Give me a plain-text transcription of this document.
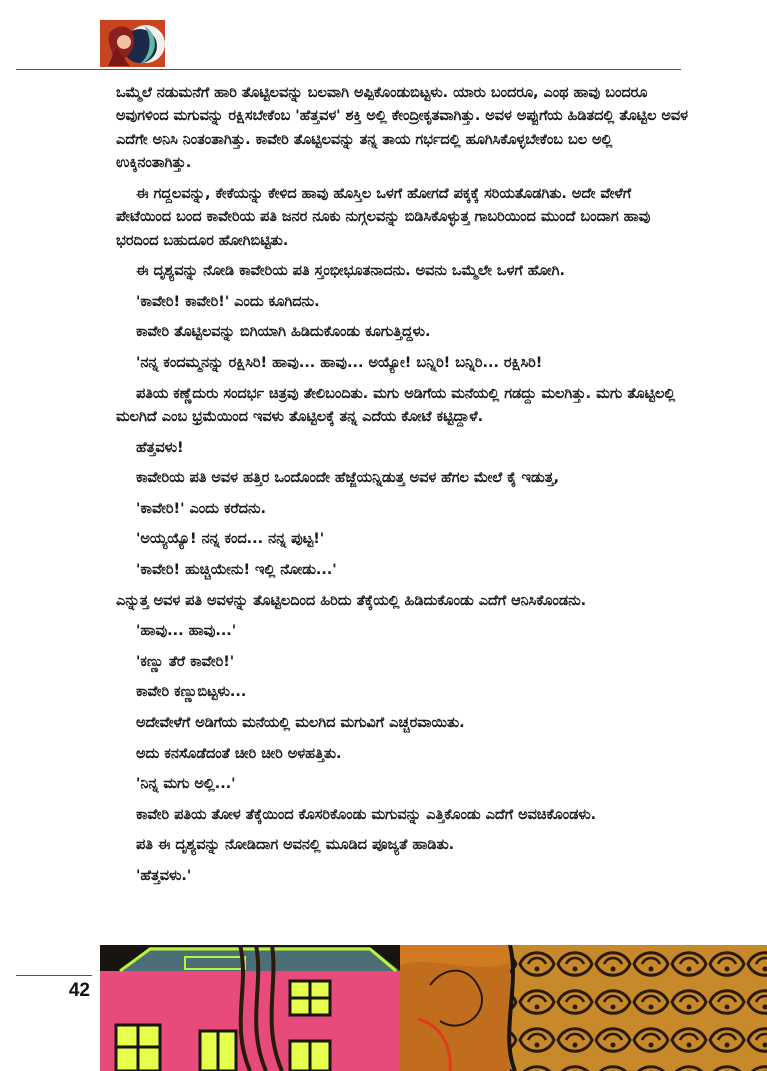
ಒಮ್ಮೆಲೆ ನಡುಮನೆಗೆ ಹಾರಿ ತೊಟ್ಟಿಲವನ್ನು ಬಲವಾಗಿ ಅಪ್ಪಿಕೊಂಡುಬಿಟ್ಟಳು. ಯಾರು ಬಂದರೂ, ಎಂಥ ಹಾವು ಬಂದರೂ ಅವುಗಳಿಂದ ಮಗುವನ್ನು ರಕ್ಷಿಸಬೇಕೆಂಬ 'ಹೆತ್ತವಳ' ಶಕ್ತಿ ಅಲ್ಲಿ ಕೇಂದ್ರೀಕೃತವಾಗಿತ್ತು. ಅವಳ ಅಪ್ಪುಗೆಯ ಹಿಡಿತದಲ್ಲಿ ತೊಟ್ಟಿಲ ಅವಳ ಎದೆಗೇ ಅನಿಸಿ ನಿಂತಂತಾಗಿತ್ತು. ಕಾವೇರಿ ತೊಟ್ಟಿಲವನ್ನು ತನ್ನ ತಾಯ ಗರ್ಭದಲ್ಲಿ ಹೂಗಿಸಿಕೊಳ್ಳಬೇಕೆಂಬ ಬಲ ಅಲ್ಲಿ ಉಕ್ಕಿನಂತಾಗಿತ್ತು.

ಈ ಗದ್ದಲವನ್ನು, ಕೇಕೆಯನ್ನು ಕೇಳಿದ ಹಾವು ಹೊಸ್ತಿಲ ಒಳಗೆ ಹೋಗದೆ ಪಕ್ಕಕ್ಕೆ ಸರಿಯತೊಡಗಿತು. ಅದೇ ವೇಳೆಗೆ ಪೇಟೆಯಿಂದ ಬಂದ ಕಾವೇರಿಯ ಪತಿ ಜನರ ನೂಕು ನುಗ್ಗಲವನ್ನು ಬಿಡಿಸಿಕೊಳ್ಳುತ್ತ ಗಾಬರಿಯಿಂದ ಮುಂದೆ ಬಂದಾಗ ಹಾವು ಭರದಿಂದ ಬಹುದೂರ ಹೋಗಿಬಿಟ್ಟಿತು.

ಈ ದೃಶ್ಯವನ್ನು ನೋಡಿ ಕಾವೇರಿಯ ಪತಿ ಸ್ತಂಭೀಭೂತನಾದನು. ಅವನು ಒಮ್ಮೆಲೇ ಒಳಗೆ ಹೋಗಿ.

'ಕಾವೇರಿ! ಕಾವೇರಿ!' ಎಂದು ಕೂಗಿದನು.

ಕಾವೇರಿ ತೊಟ್ಟಿಲವನ್ನು ಬಿಗಿಯಾಗಿ ಹಿಡಿದುಕೊಂಡು ಕೂಗುತ್ತಿದ್ದಳು.

'ನನ್ನ ಕಂದಮ್ಮನನ್ನು ರಕ್ಷಿಸಿರಿ! ಹಾವು... ಹಾವು... ಅಯ್ಯೋ! ಬನ್ನಿರಿ! ಬನ್ನಿರಿ... ರಕ್ಷಿಸಿರಿ!

ಪತಿಯ ಕಣ್ಣೆದುರು ಸಂದರ್ಭ ಚಿತ್ರವು ತೇಲಿಬಂದಿತು. ಮಗು ಅಡಿಗೆಯ ಮನೆಯಲ್ಲಿ ಗಡದ್ದು ಮಲಗಿತ್ತು. ಮಗು ತೊಟ್ಟಿಲಲ್ಲಿ ಮಲಗಿದೆ ಎಂಬ ಭ್ರಮೆಯಿಂದ ಇವಳು ತೊಟ್ಟಿಲಕ್ಕೆ ತನ್ನ ಎದೆಯ ಕೋಟೆ ಕಟ್ಟಿದ್ದಾಳೆ.

ಹೆತ್ತವಳು!

ಕಾವೇರಿಯ ಪತಿ ಅವಳ ಹತ್ತಿರ ಒಂದೊಂದೇ ಹೆಜ್ಜೆಯನ್ನಿಡುತ್ತ ಅವಳ ಹೆಗಲ ಮೇಲೆ ಕೈ ಇಡುತ್ತ,

'ಕಾವೇರಿ!' ಎಂದು ಕರೆದನು.

'ಅಯ್ಯಯ್ಯೊ! ನನ್ನ ಕಂದ... ನನ್ನ ಪುಟ್ಟ!'

'ಕಾವೇರಿ! ಹುಚ್ಚಿಯೇನು! ಇಲ್ಲಿ ನೋಡು...'

ಎನ್ನುತ್ತ ಅವಳ ಪತಿ ಅವಳನ್ನು ತೊಟ್ಟಿಲದಿಂದ ಹಿರಿದು ತೆಕ್ಕೆಯಲ್ಲಿ ಹಿಡಿದುಕೊಂಡು ಎದೆಗೆ ಆನಿಸಿಕೊಂಡನು.

'ಹಾವು... ಹಾವು...'

'ಕಣ್ಣು ತೆರೆ ಕಾವೇರಿ!'

ಕಾವೇರಿ ಕಣ್ಣುಬಿಟ್ಟಳು...

ಅದೇವೇಳೆಗೆ ಅಡಿಗೆಯ ಮನೆಯಲ್ಲಿ ಮಲಗಿದ ಮಗುವಿಗೆ ಎಚ್ಚರವಾಯಿತು.

ಅದು ಕನಸೊಡೆದಂತೆ ಚೀರಿ ಚೀರಿ ಅಳಹತ್ತಿತು.

'ನಿನ್ನ ಮಗು ಅಲ್ಲಿ...'

ಕಾವೇರಿ ಪತಿಯ ತೋಳ ತೆಕ್ಕೆಯಿಂದ ಕೊಸರಿಕೊಂಡು ಮಗುವನ್ನು ಎತ್ತಿಕೊಂಡು ಎದೆಗೆ ಅವಚಿಕೊಂಡಳು.

ಪತಿ ಈ ದೃಶ್ಯವನ್ನು ನೋಡಿದಾಗ ಅವನಲ್ಲಿ ಮೂಡಿದ ಪೂಜ್ಯತೆ ಹಾಡಿತು.

'ಹೆತ್ತವಳು.'

42
